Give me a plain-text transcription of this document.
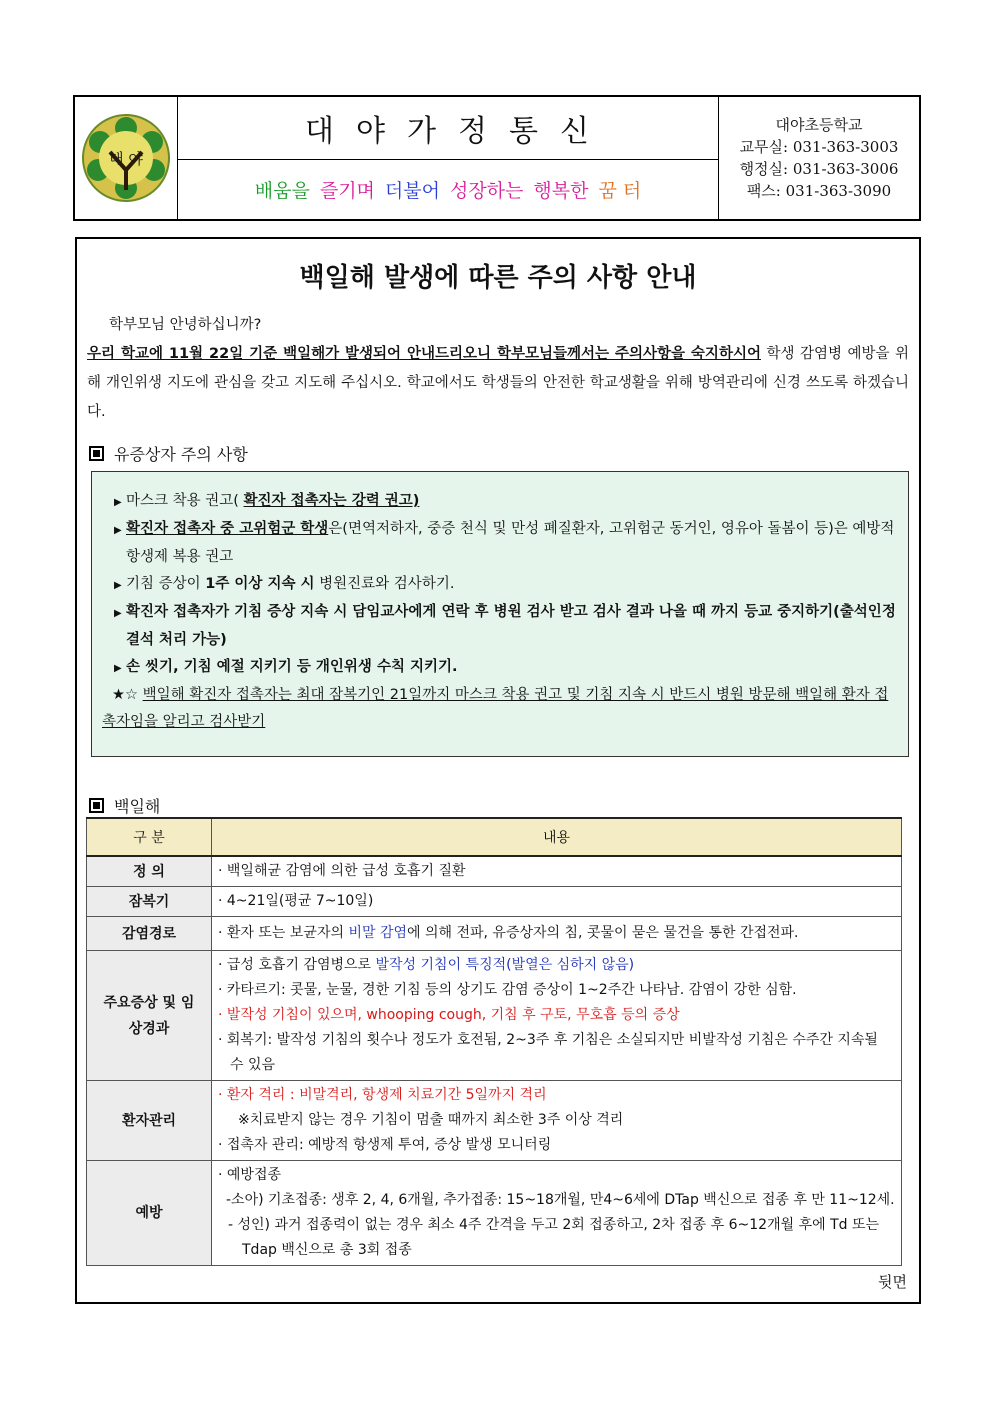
대 야
대야가정통신
배움을 즐기며 더불어 성장하는 행복한 꿈 터
대야초등학교
교무실: 031-363-3003
행정실: 031-363-3006
팩스: 031-363-3090
백일해 발생에 따른 주의 사항 안내
학부모님 안녕하십니까?
우리 학교에 11월 22일 기준 백일해가 발생되어 안내드리오니 학부모님들께서는 주의사항을 숙지하시어 학생 감염병 예방을 위해 개인위생 지도에 관심을 갖고 지도해 주십시오. 학교에서도 학생들의 안전한 학교생활을 위해 방역관리에 신경 쓰도록 하겠습니다.
유증상자 주의 사항
▶ 마스크 착용 권고( 확진자 접촉자는 강력 권고)
▶ 확진자 접촉자 중 고위험군 학생은(면역저하자, 중증 천식 및 만성 폐질환자, 고위험군 동거인, 영유아 돌봄이 등)은 예방적 항생제 복용 권고
▶ 기침 증상이 1주 이상 지속 시 병원진료와 검사하기.
▶ 확진자 접촉자가 기침 증상 지속 시 담임교사에게 연락 후 병원 검사 받고 검사 결과 나올 때 까지 등교 중지하기(출석인정 결석 처리 가능)
▶ 손 씻기, 기침 예절 지키기 등 개인위생 수칙 지키기.
★☆ 백일해 확진자 접촉자는 최대 잠복기인 21일까지 마스크 착용 권고 및 기침 지속 시 반드시 병원 방문해 백일해 환자 접촉자임을 알리고 검사받기
백일해
구 분	내용
정 의	· 백일해균 감염에 의한 급성 호흡기 질환
잠복기	· 4~21일(평균 7~10일)
감염경로	· 환자 또는 보균자의 비말 감염에 의해 전파, 유증상자의 침, 콧물이 묻은 물건을 통한 간접전파.
주요증상 및 임상경과	· 급성 호흡기 감염병으로 발작성 기침이 특징적(발열은 심하지 않음)
· 카타르기: 콧물, 눈물, 경한 기침 등의 상기도 감염 증상이 1~2주간 나타남. 감염이 강한 심함.
· 발작성 기침이 있으며, whooping cough, 기침 후 구토, 무호흡 등의 증상
· 회복기: 발작성 기침의 횟수나 정도가 호전됨, 2~3주 후 기침은 소실되지만 비발작성 기침은 수주간 지속될 수 있음

환자관리	· 환자 격리 : 비말격리, 항생제 치료기간 5일까지 격리
※치료받지 않는 경우 기침이 멈출 때까지 최소한 3주 이상 격리
· 접촉자 관리: 예방적 항생제 투여, 증상 발생 모니터링

예방	· 예방접종
-소아) 기초접종: 생후 2, 4, 6개월, 추가접종: 15~18개월, 만4~6세에 DTap 백신으로 접종 후 만 11~12세.
- 성인) 과거 접종력이 없는 경우 최소 4주 간격을 두고 2회 접종하고, 2차 접종 후 6~12개월 후에 Td 또는 Tdap 백신으로 총 3회 접종
뒷면
